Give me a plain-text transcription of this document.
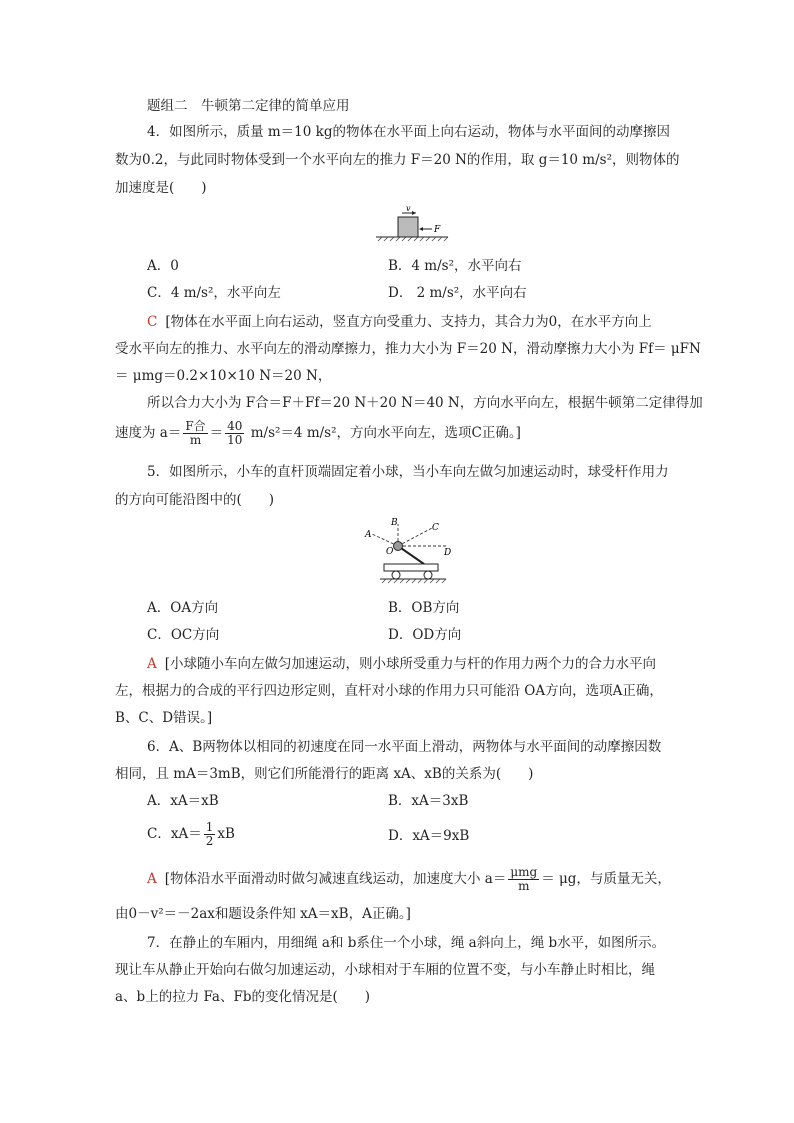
题组二　牛顿第二定律的简单应用
4．如图所示，质量 m＝10 kg的物体在水平面上向右运动，物体与水平面间的动摩擦因
数为0.2，与此同时物体受到一个水平向左的推力 F＝20 N的作用，取 g＝10 m/s²，则物体的
加速度是(　　)
v
F
A．0	B．4 m/s²，水平向右
C．4 m/s²，水平向左	D． 2 m/s²，水平向右
C [物体在水平面上向右运动，竖直方向受重力、支持力，其合力为0，在水平方向上
受水平向左的推力、水平向左的滑动摩擦力，推力大小为 F＝20 N，滑动摩擦力大小为 Ff＝ μFN
＝ μmg＝0.2×10×10 N＝20 N，
所以合力大小为 F合＝F＋Ff＝20 N＋20 N＝40 N，方向水平向左，根据牛顿第二定律得加
速度为 $a= \frac{\text{F合}}{m} = \frac{40}{10} m/s^2=4$ m/s²，方向水平向左，选项C正确。]
5．如图所示，小车的直杆顶端固定着小球，当小车向左做匀加速运动时，球受杆作用力
的方向可能沿图中的(　　)
A
B	C
D
O
A．OA方向	B．OB方向
C．OC方向	D．OD方向
A [小球随小车向左做匀加速运动，则小球所受重力与杆的作用力两个力的合力水平向
左，根据力的合成的平行四边形定则，直杆对小球的作用力只可能沿 OA方向，选项A正确，
B、C、D错误。]
6．A、B两物体以相同的初速度在同一水平面上滑动，两物体与水平面间的动摩擦因数
相同，且 mA＝3mB，则它们所能滑行的距离 xA、xB的关系为(　　)
A．xA＝xB	B．xA＝3xB
C．$xA= \frac{1}{2}$ xB	D．xA＝9xB
A [物体沿水平面滑动时做匀减速直线运动，加速度大小 $a= \frac{\text{μmg}}{m} = \mu g$，与质量无关，
由0－v²＝－2ax和题设条件知 xA＝xB，A正确。]
7．在静止的车厢内，用细绳 a和 b系住一个小球，绳 a斜向上，绳 b水平，如图所示。
现让车从静止开始向右做匀加速运动，小球相对于车厢的位置不变，与小车静止时相比，绳
a、b上的拉力 Fa、Fb的变化情况是(　　)
